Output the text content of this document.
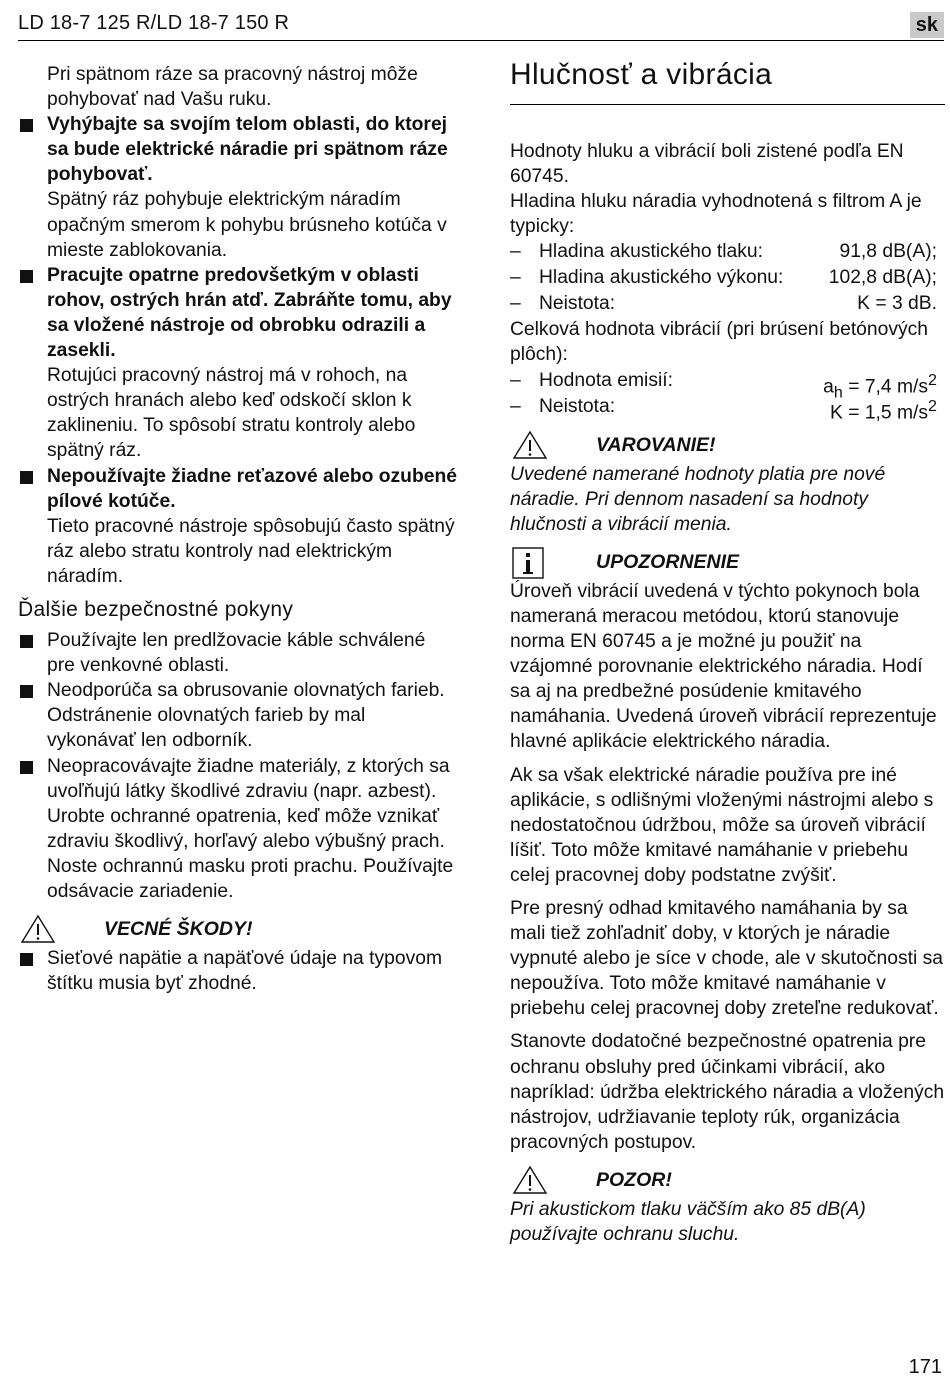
LD 18-7 125 R/LD 18-7 150 R	sk

Pri spätnom ráze sa pracovný nástroj môže pohybovať nad Vašu ruku.

Vyhýbajte sa svojím telom oblasti, do ktorej sa bude elektrické náradie pri spätnom ráze pohybovať.

Spätný ráz pohybuje elektrickým náradím opačným smerom k pohybu brúsneho kotúča v mieste zablokovania.

Pracujte opatrne predovšetkým v oblasti rohov, ostrých hrán atď. Zabráňte tomu, aby sa vložené nástroje od obrobku odrazili a zasekli.

Rotujúci pracovný nástroj má v rohoch, na ostrých hranách alebo keď odskočí sklon k zaklineniu. To spôsobí stratu kontroly alebo spätný ráz.

Nepoužívajte žiadne reťazové alebo ozubené pílové kotúče.

Tieto pracovné nástroje spôsobujú často spätný ráz alebo stratu kontroly nad elektrickým náradím.

Ďalšie bezpečnostné pokyny

Používajte len predlžovacie káble schválené pre venkovné oblasti.

Neodporúča sa obrusovanie olovnatých farieb. Odstránenie olovnatých farieb by mal vykonávať len odborník.

Neopracovávajte žiadne materiály, z ktorých sa uvoľňujú látky škodlivé zdraviu (napr. azbest). Urobte ochranné opatrenia, keď môže vznikať zdraviu škodlivý, horľavý alebo výbušný prach. Noste ochrannú masku proti prachu. Používajte odsávacie zariadenie.

VECNÉ ŠKODY!

Sieťové napätie a napäťové údaje na typovom štítku musia byť zhodné.

Hlučnosť a vibrácia

Hodnoty hluku a vibrácií boli zistené podľa EN 60745.

Hladina hluku náradia vyhodnotená s filtrom A je typicky:

– Hladina akustického tlaku:	91,8 dB(A);
– Hladina akustického výkonu: 102,8 dB(A);
– Neistota:	K = 3 dB.

Celková hodnota vibrácií (pri brúsení betónových plôch):

– Hodnota emisií:	$a_h = 7,4$ $m/s^2$
– Neistota:	K = 1,5 $m/s^2$
VAROVANIE!

Uvedené namerané hodnoty platia pre nové náradie. Pri dennom nasadení sa hodnoty hlučnosti a vibrácií menia.

UPOZORNENIE

Úroveň vibrácií uvedená v týchto pokynoch bola nameraná meracou metódou, ktorú stanovuje norma EN 60745 a je možné ju použiť na vzájomné porovnanie elektrického náradia. Hodí sa aj na predbežné posúdenie kmitavého namáhania. Uvedená úroveň vibrácií reprezentuje hlavné aplikácie elektrického náradia.

Ak sa však elektrické náradie používa pre iné aplikácie, s odlišnými vloženými nástrojmi alebo s nedostatočnou údržbou, môže sa úroveň vibrácií líšiť. Toto môže kmitavé namáhanie v priebehu celej pracovnej doby podstatne zvýšiť.

Pre presný odhad kmitavého namáhania by sa mali tiež zohľadniť doby, v ktorých je náradie vypnuté alebo je síce v chode, ale v skutočnosti sa nepoužíva. Toto môže kmitavé namáhanie v priebehu celej pracovnej doby zreteľne redukovať.

Stanovte dodatočné bezpečnostné opatrenia pre ochranu obsluhy pred účinkami vibrácií, ako napríklad: údržba elektrického náradia a vložených nástrojov, udržiavanie teploty rúk, organizácia pracovných postupov.

POZOR!

Pri akustickom tlaku väčším ako 85 dB(A) používajte ochranu sluchu.

171
